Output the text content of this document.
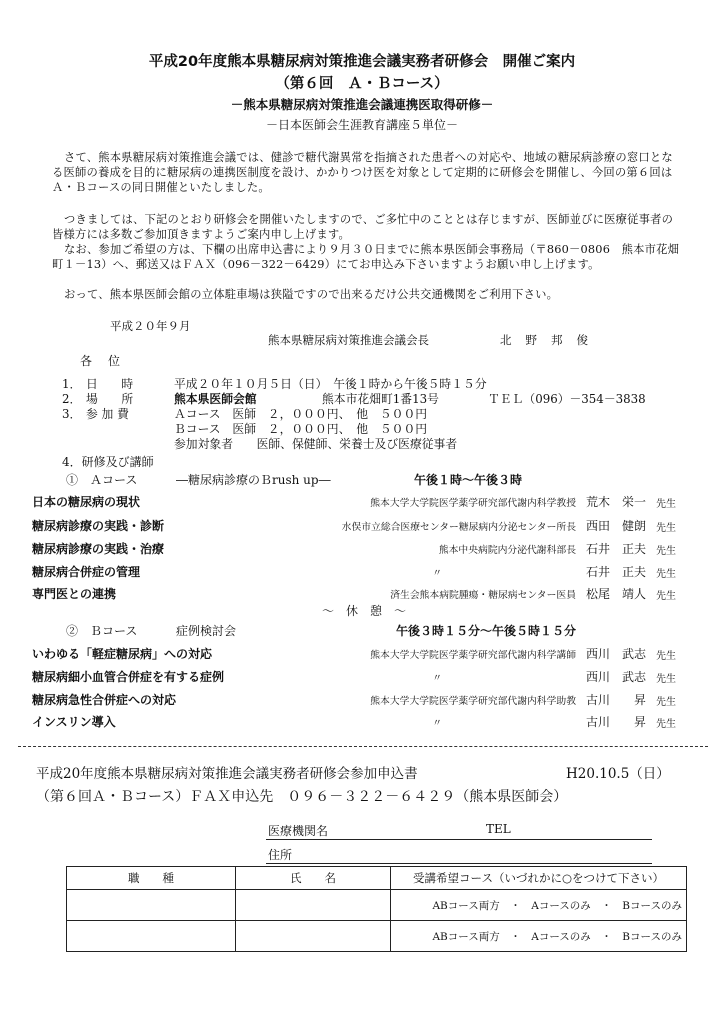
平成20年度熊本県糖尿病対策推進会議実務者研修会　開催ご案内
（第６回　Ａ・Ｂコース）
－熊本県糖尿病対策推進会議連携医取得研修－
－日本医師会生涯教育講座５単位－
さて、熊本県糖尿病対策推進会議では、健診で糖代謝異常を指摘された患者への対応や、地域の糖尿病診療の窓口となる医師の養成を目的に糖尿病の連携医制度を設け、かかりつけ医を対象として定期的に研修会を開催し、今回の第６回はＡ・Ｂコースの同日開催といたしました。
つきましては、下記のとおり研修会を開催いたしますので、ご多忙中のこととは存じますが、医師並びに医療従事者の皆様方には多数ご参加頂きますようご案内申し上げます。
なお、参加ご希望の方は、下欄の出席申込書により９月３０日までに熊本県医師会事務局（〒860－0806　熊本市花畑町１－13）へ、郵送又はＦＡＸ（096－322－6429）にてお申込み下さいますようお願い申し上げます。
おって、熊本県医師会館の立体駐車場は狭隘ですので出来るだけ公共交通機関をご利用下さい。
平成２０年９月
熊本県糖尿病対策推進会議会長	北野邦俊
各位
1． 日　　時	平成２０年１０月５日（日）　午後１時から午後５時１５分
2． 場　　所	熊本県医師会館	熊本市花畑町1番13号	ＴＥＬ（096）－354－3838
3． 参 加 費	Ａコース　医師　２，０００円、　他　５００円
Ｂコース　医師　２，０００円、　他　５００円
参加対象者　　医師、保健師、栄養士及び医療従事者
4．研修及び講師
①　Ａコース	―糖尿病診療のＢrush up―	午後１時～午後３時
日本の糖尿病の現状	熊本大学大学院医学薬学研究部代謝内科学教授 荒木　栄一 先生
糖尿病診療の実践・診断	水俣市立総合医療センター糖尿病内分泌センター所長 西田　健朗 先生
糖尿病診療の実践・治療	熊本中央病院内分泌代謝科部長 石井　正夫 先生
糖尿病合併症の管理	〃	石井　正夫 先生
専門医との連携	済生会熊本病院腫瘍・糖尿病センター医員 松尾　靖人 先生
～　休　憩　～
②　Ｂコース	症例検討会	午後３時１５分～午後５時１５分
いわゆる「軽症糖尿病」への対応	熊本大学大学院医学薬学研究部代謝内科学講師 西川　武志 先生
糖尿病細小血管合併症を有する症例	〃	西川　武志 先生
糖尿病急性合併症への対応	熊本大学大学院医学薬学研究部代謝内科学助教 古川　　昇 先生
インスリン導入	〃	古川　　昇 先生
平成20年度熊本県糖尿病対策推進会議実務者研修会参加申込書	H20.10.5（日）
（第６回Ａ・Ｂコース）ＦＡＸ申込先　０９６－３２２－６４２９（熊本県医師会）
医療機関名	TEL
住所
職　　種	氏　　名	受講希望コース（いづれかに○をつけて下さい）
		ABコース両方　・　Aコースのみ　・　Bコースのみ
		ABコース両方　・　Aコースのみ　・　Bコースのみ
